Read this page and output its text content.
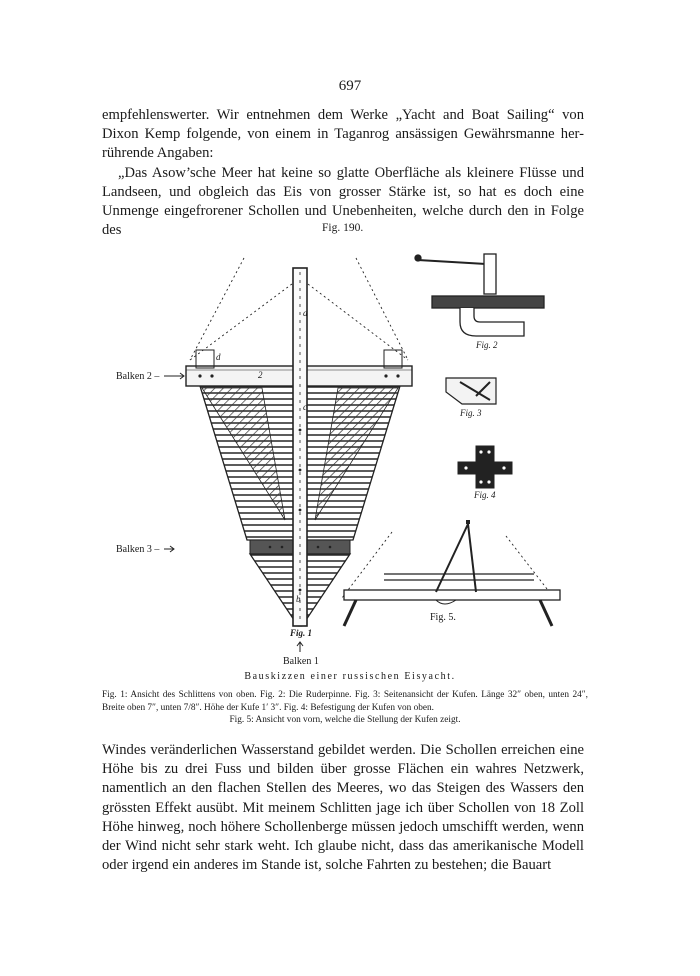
697

empfehlenswerter. Wir entnehmen dem Werke „Yacht and Boat Sailing“ von

Dixon Kemp folgende, von einem in Taganrog ansässigen Gewährsmanne her-

rührende Angaben:

„Das Asow’sche Meer hat keine so glatte Oberfläche als kleinere Flüsse und Landseen, und obgleich das Eis von grosser Stärke ist, so hat es doch eine Unmenge eingefrorener Schollen und Unebenheiten, welche durch den in Folge des	Fig. 190.
Balken 2 –
Balken 3 –
Balken 1
Fig. 1
Fig. 2
Fig. 3
Fig. 4
Fig. 5.
a
b
c
d
2
Bauskizzen einer russischen Eisyacht.
Fig. 1: Ansicht des Schlittens von oben. Fig. 2: Die Ruderpinne. Fig. 3: Seitenansicht der Kufen. Länge 32″ oben, unten 24″, Breite oben 7″, unten 7/8″. Höhe der Kufe 1′ 3″. Fig. 4: Befestigung der Kufen von oben.
Fig. 5: Ansicht von vorn, welche die Stellung der Kufen zeigt.

Windes veränderlichen Wasserstand gebildet werden. Die Schollen erreichen eine Höhe bis zu drei Fuss und bilden über grosse Flächen ein wahres Netzwerk, namentlich an den flachen Stellen des Meeres, wo das Steigen des Wassers den grössten Effekt ausübt. Mit meinem Schlitten jage ich über Schollen von 18 Zoll Höhe hinweg, noch höhere Schollenberge müssen jedoch umschifft werden, wenn der Wind nicht sehr stark weht. Ich glaube nicht, dass das amerikanische Modell oder irgend ein anderes im Stande ist, solche Fahrten zu bestehen; die Bauart
